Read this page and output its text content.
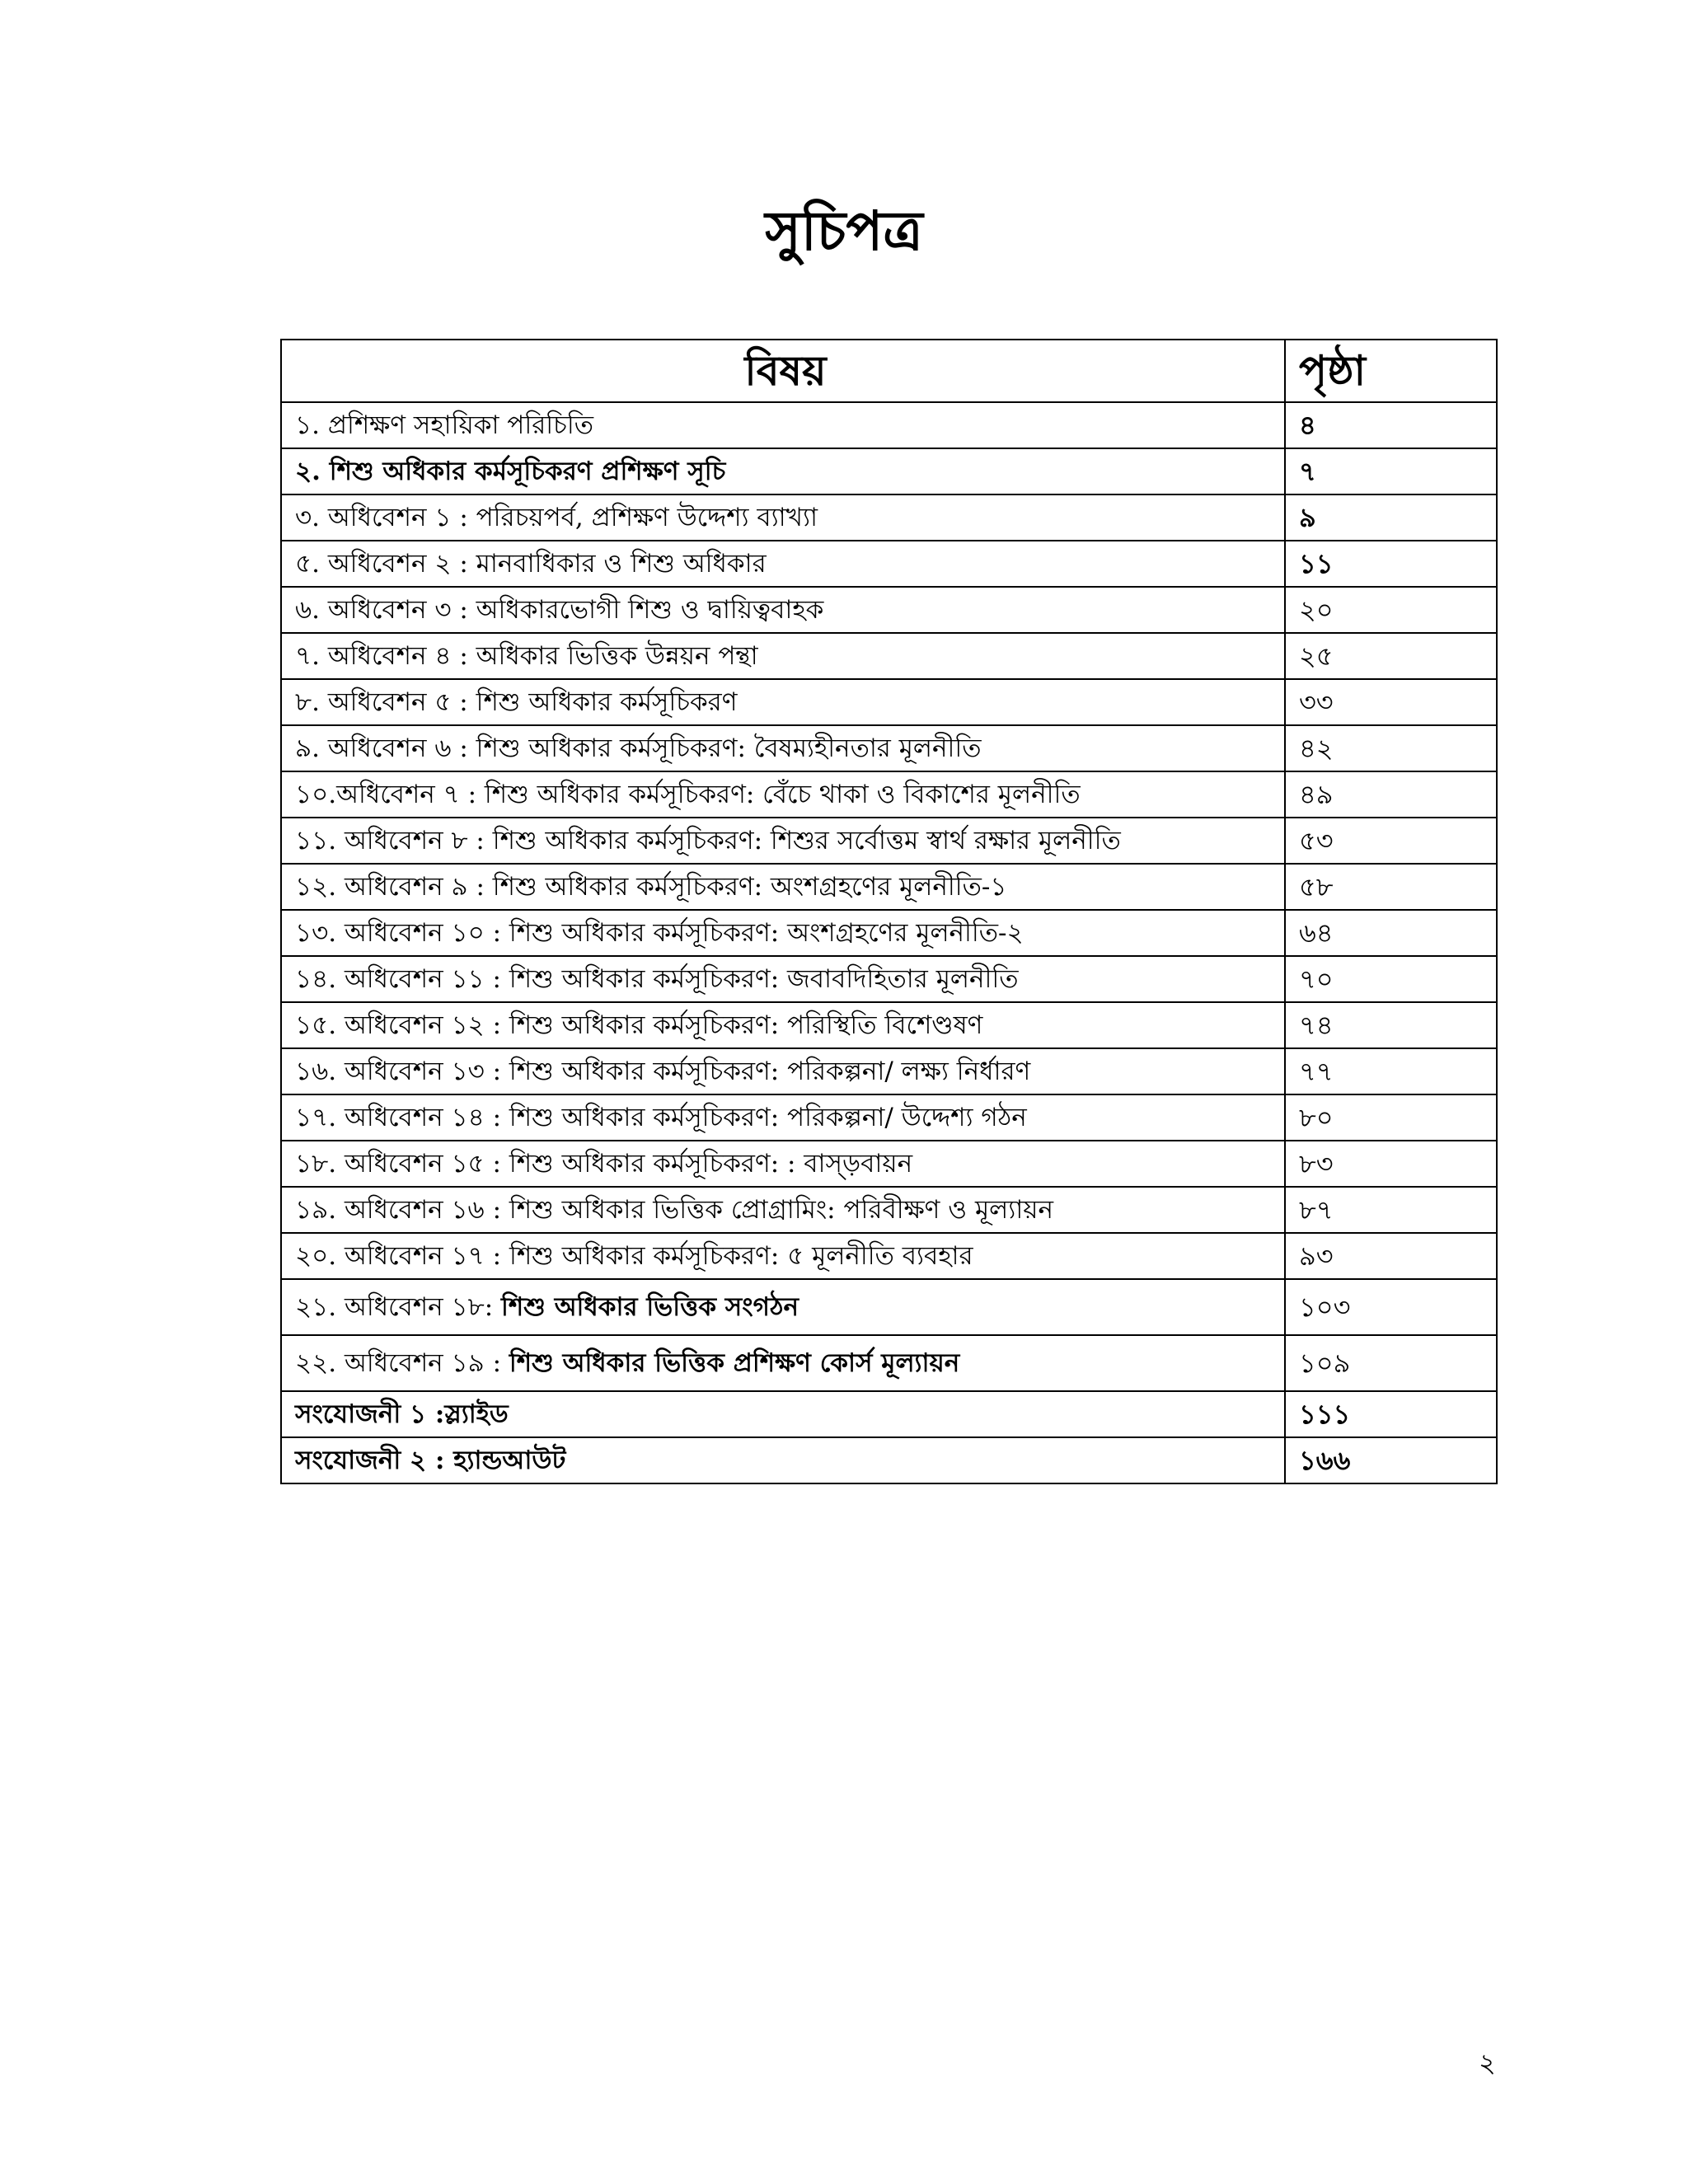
সুচিপত্র
বিষয়	পৃষ্ঠা
১. প্রশিক্ষণ সহায়িকা পরিচিতি	৪
২. শিশু অধিকার কর্মসূচিকরণ প্রশিক্ষণ সূচি	৭
৩. অধিবেশন ১ : পরিচয়পর্ব, প্রশিক্ষণ উদ্দেশ্য ব্যাখ্যা	৯
৫. অধিবেশন ২ : মানবাধিকার ও শিশু অধিকার	১১
৬. অধিবেশন ৩ : অধিকারভোগী শিশু ও দ্বায়িত্ববাহক	২০
৭. অধিবেশন ৪ : অধিকার ভিত্তিক উন্নয়ন পন্থা	২৫
৮. অধিবেশন ৫ : শিশু অধিকার কর্মসূচিকরণ	৩৩
৯. অধিবেশন ৬ : শিশু অধিকার কর্মসূচিকরণ: বৈষম্যহীনতার মূলনীতি	৪২
১০.অধিবেশন ৭ : শিশু অধিকার কর্মসূচিকরণ: বেঁচে থাকা ও বিকাশের মূলনীতি	৪৯
১১. অধিবেশন ৮ : শিশু অধিকার কর্মসূচিকরণ: শিশুর সর্বোত্তম স্বার্থ রক্ষার মূলনীতি	৫৩
১২. অধিবেশন ৯ : শিশু অধিকার কর্মসূচিকরণ: অংশগ্রহণের মূলনীতি-১	৫৮
১৩. অধিবেশন ১০ : শিশু অধিকার কর্মসূচিকরণ: অংশগ্রহণের মূলনীতি-২	৬৪
১৪. অধিবেশন ১১ : শিশু অধিকার কর্মসূচিকরণ: জবাবদিহিতার মূলনীতি	৭০
১৫. অধিবেশন ১২ : শিশু অধিকার কর্মসূচিকরণ: পরিস্থিতি বিশেণ্ডষণ	৭৪
১৬. অধিবেশন ১৩ : শিশু অধিকার কর্মসূচিকরণ: পরিকল্পনা/ লক্ষ্য নির্ধারণ	৭৭
১৭. অধিবেশন ১৪ : শিশু অধিকার কর্মসূচিকরণ: পরিকল্পনা/ উদ্দেশ্য গঠন	৮০
১৮. অধিবেশন ১৫ : শিশু অধিকার কর্মসূচিকরণ: : বাস্ড়বায়ন	৮৩
১৯. অধিবেশন ১৬ : শিশু অধিকার ভিত্তিক প্রোগ্রামিং: পরিবীক্ষণ ও মূল্যায়ন	৮৭
২০. অধিবেশন ১৭ : শিশু অধিকার কর্মসূচিকরণ: ৫ মূলনীতি ব্যবহার	৯৩
২১. অধিবেশন ১৮: শিশু অধিকার ভিত্তিক সংগঠন	১০৩
২২. অধিবেশন ১৯ : শিশু অধিকার ভিত্তিক প্রশিক্ষণ কোর্স মূল্যায়ন	১০৯
সংযোজনী ১ :স্ল্যাইড	১১১
সংযোজনী ২ : হ্যান্ডআউট	১৬৬
২
